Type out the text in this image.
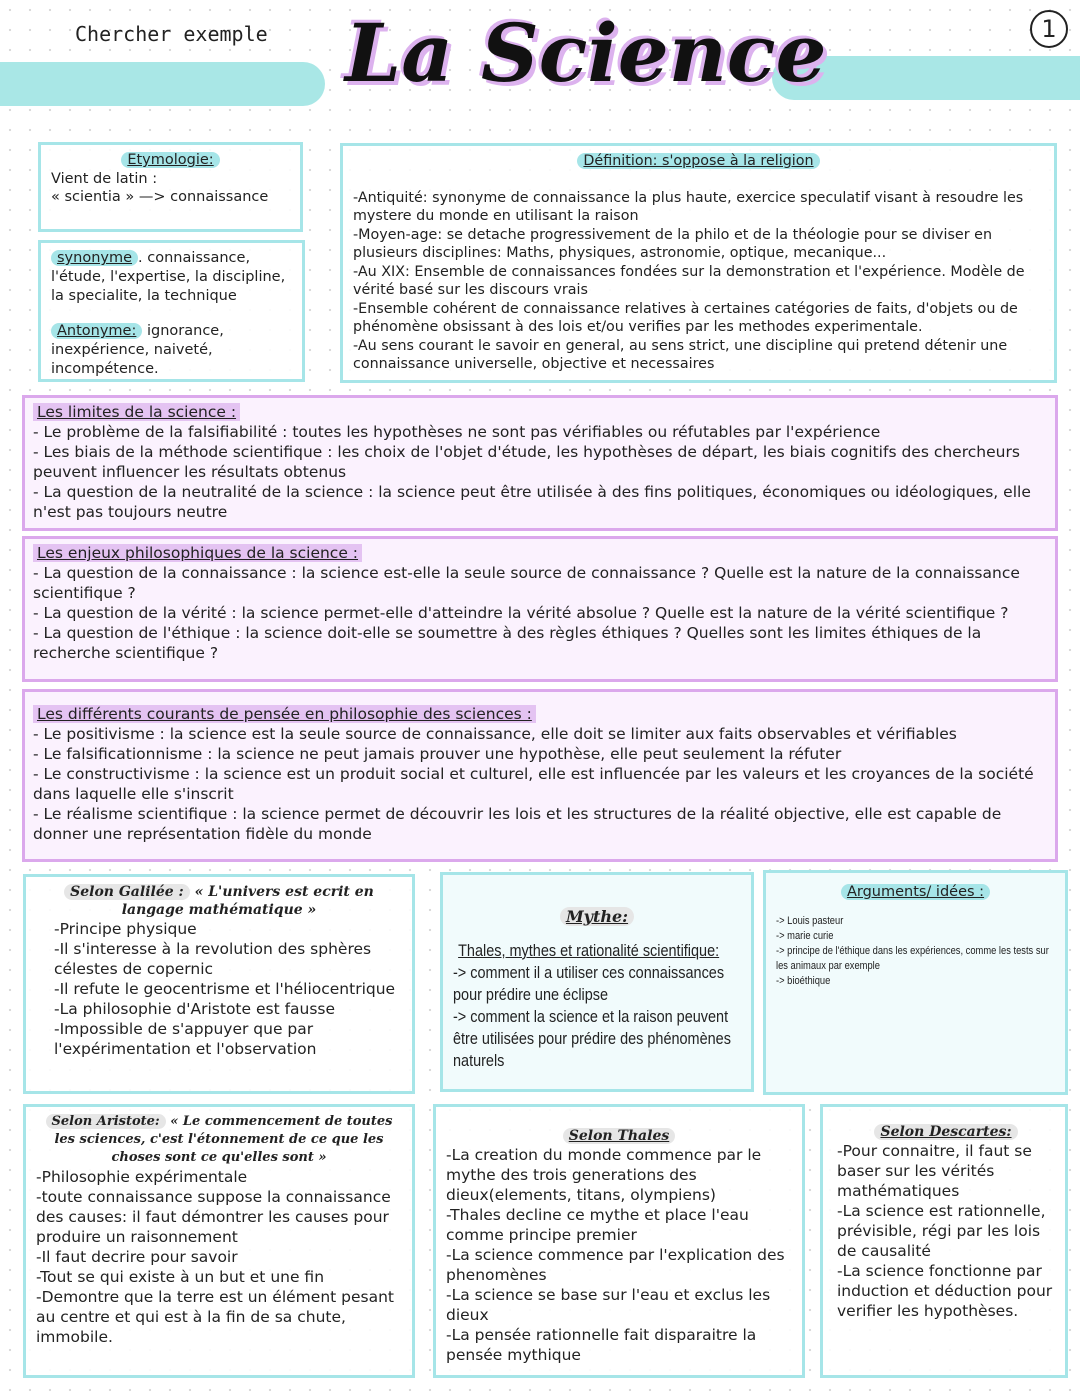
Chercher exemple La Science	1
Etymologie:
Vient de latin :
« scientia » —> connaissance
synonyme . connaissance, l'étude, l'expertise, la discipline, la specialite, la technique
Antonyme: ignorance, inexpérience, naiveté, incompétence.
Définition: s'oppose à la religion
-Antiquité: synonyme de connaissance la plus haute, exercice speculatif visant à resoudre les mystere du monde en utilisant la raison
-Moyen-age: se detache progressivement de la philo et de la théologie pour se diviser en plusieurs disciplines: Maths, physiques, astronomie, optique, mecanique...
-Au XIX: Ensemble de connaissances fondées sur la demonstration et l'expérience. Modèle de vérité basé sur les discours vrais
-Ensemble cohérent de connaissance relatives à certaines catégories de faits, d'objets ou de phénomène obsissant à des lois et/ou verifies par les methodes experimentale.
-Au sens courant le savoir en general, au sens strict, une discipline qui pretend détenir une connaissance universelle, objective et necessaires
Les limites de la science :
- Le problème de la falsifiabilité : toutes les hypothèses ne sont pas vérifiables ou réfutables par l'expérience
- Les biais de la méthode scientifique : les choix de l'objet d'étude, les hypothèses de départ, les biais cognitifs des chercheurs peuvent influencer les résultats obtenus
- La question de la neutralité de la science : la science peut être utilisée à des fins politiques, économiques ou idéologiques, elle n'est pas toujours neutre
Les enjeux philosophiques de la science :
- La question de la connaissance : la science est-elle la seule source de connaissance ? Quelle est la nature de la connaissance scientifique ?
- La question de la vérité : la science permet-elle d'atteindre la vérité absolue ? Quelle est la nature de la vérité scientifique ?
- La question de l'éthique : la science doit-elle se soumettre à des règles éthiques ? Quelles sont les limites éthiques de la recherche scientifique ?
Les différents courants de pensée en philosophie des sciences :
- Le positivisme : la science est la seule source de connaissance, elle doit se limiter aux faits observables et vérifiables
- Le falsificationnisme : la science ne peut jamais prouver une hypothèse, elle peut seulement la réfuter
- Le constructivisme : la science est un produit social et culturel, elle est influencée par les valeurs et les croyances de la société dans laquelle elle s'inscrit
- Le réalisme scientifique : la science permet de découvrir les lois et les structures de la réalité objective, elle est capable de donner une représentation fidèle du monde
Selon Galilée : « L'univers est ecrit en langage mathématique »
-Principe physique
-Il s'interesse à la revolution des sphères célestes de copernic
-Il refute le geocentrisme et l'héliocentrique
-La philosophie d'Aristote est fausse
-Impossible de s'appuyer que par l'expérimentation et l'observation
Mythe:
Thales, mythes et rationalité scientifique:
-> comment il a utiliser ces connaissances pour prédire une éclipse
-> comment la science et la raison peuvent être utilisées pour prédire des phénomènes naturels
Arguments/ idées :
-> Louis pasteur
-> marie curie
-> principe de l'éthique dans les expériences, comme les tests sur les animaux par exemple
-> bioéthique
Selon Aristote: « Le commencement de toutes les sciences, c'est l'étonnement de ce que les choses sont ce qu'elles sont »
-Philosophie expérimentale
-toute connaissance suppose la connaissance des causes: il faut démontrer les causes pour produire un raisonnement
-Il faut decrire pour savoir
-Tout se qui existe à un but et une fin
-Demontre que la terre est un élément pesant au centre et qui est à la fin de sa chute, immobile.
Selon Thales
-La creation du monde commence par le mythe des trois generations des dieux(elements, titans, olympiens)
-Thales decline ce mythe et place l'eau comme principe premier
-La science commence par l'explication des phenomènes
-La science se base sur l'eau et exclus les dieux
-La pensée rationnelle fait disparaitre la pensée mythique
Selon Descartes:
-Pour connaitre, il faut se baser sur les vérités mathématiques
-La science est rationnelle, prévisible, régi par les lois de causalité
-La science fonctionne par induction et déduction pour verifier les hypothèses.
